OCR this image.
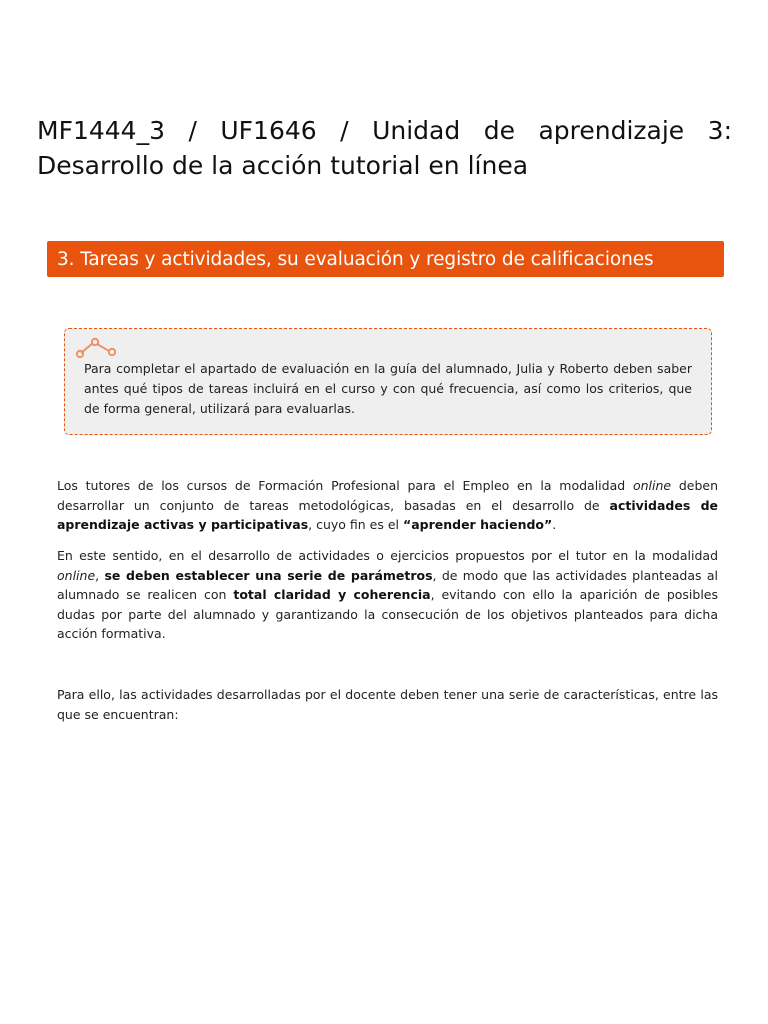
MF1444_3 / UF1646 / Unidad de aprendizaje 3: Desarrollo de la acción tutorial en línea
3. Tareas y actividades, su evaluación y registro de calificaciones

Para completar el apartado de evaluación en la guía del alumnado, Julia y Roberto deben saber antes qué tipos de tareas incluirá en el curso y con qué frecuencia, así como los criterios, que de forma general, utilizará para evaluarlas.

Los tutores de los cursos de Formación Profesional para el Empleo en la modalidad online deben desarrollar un conjunto de tareas metodológicas, basadas en el desarrollo de actividades de aprendizaje activas y participativas, cuyo fin es el “aprender haciendo”.

En este sentido, en el desarrollo de actividades o ejercicios propuestos por el tutor en la modalidad online, se deben establecer una serie de parámetros, de modo que las actividades planteadas al alumnado se realicen con total claridad y coherencia, evitando con ello la aparición de posibles dudas por parte del alumnado y garantizando la consecución de los objetivos planteados para dicha acción formativa.

Para ello, las actividades desarrolladas por el docente deben tener una serie de características, entre las que se encuentran:
